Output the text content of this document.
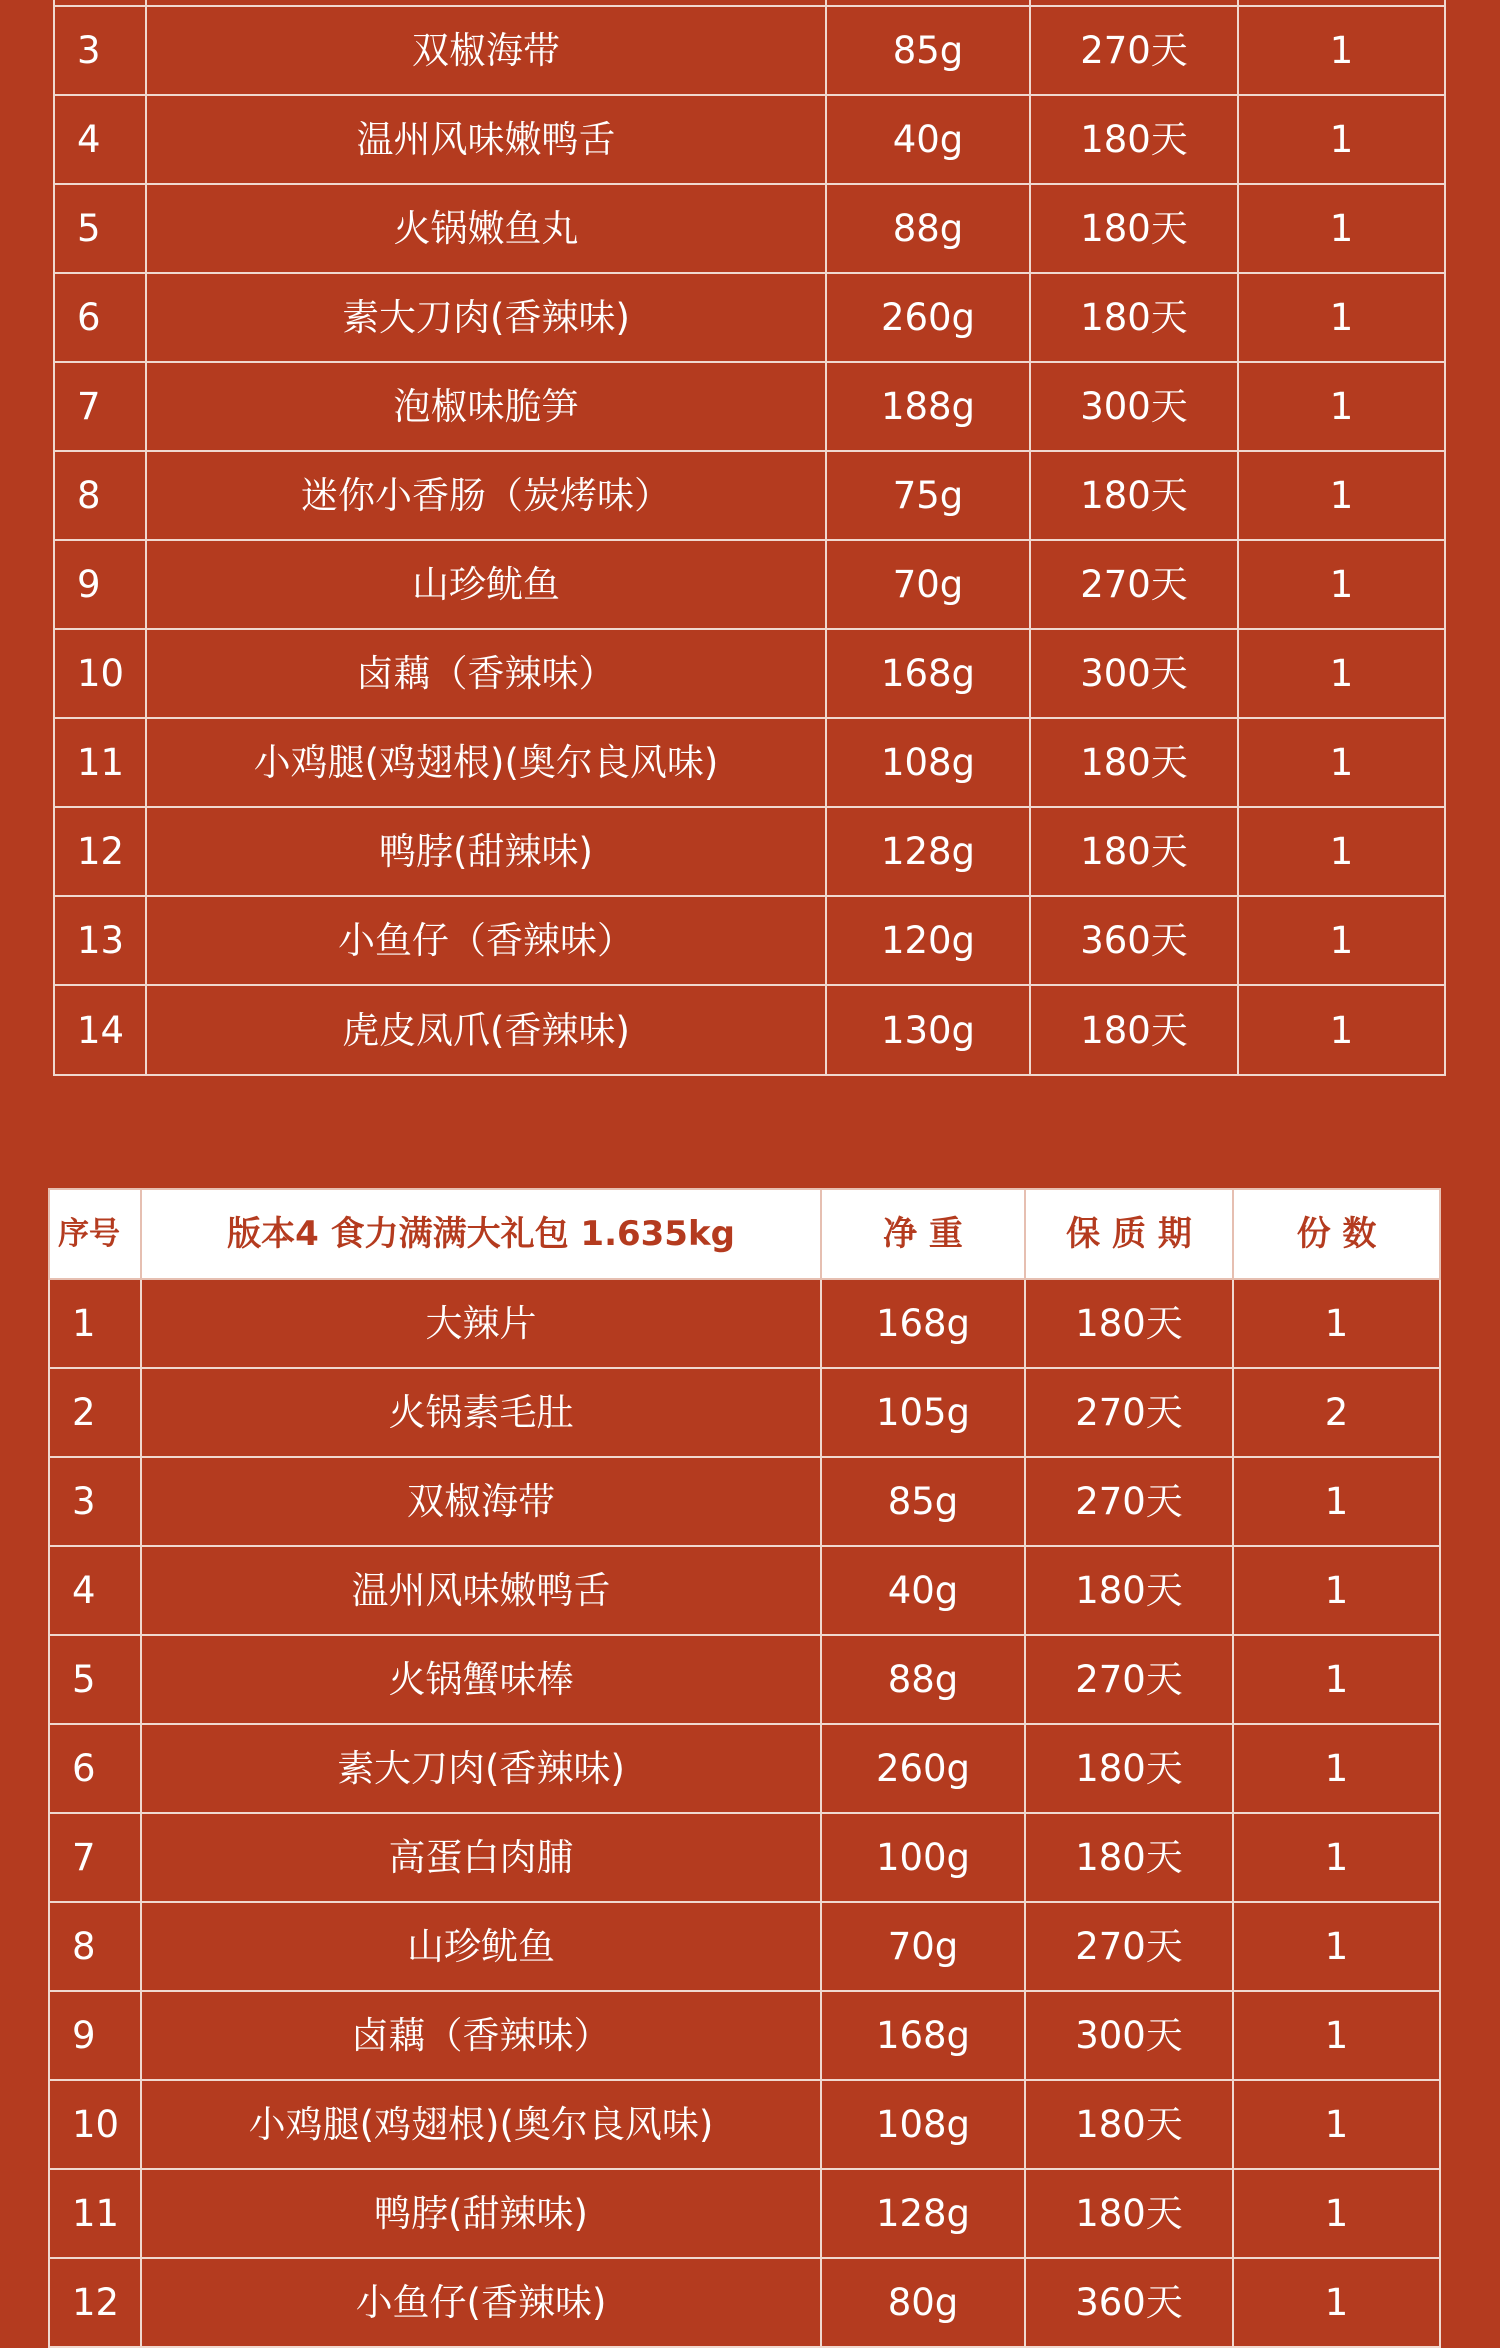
3	双椒海带	85g	270天	1
4	温州风味嫩鸭舌	40g	180天	1
5	火锅嫩鱼丸	88g	180天	1
6	素大刀肉(香辣味)	260g	180天	1
7	泡椒味脆笋	188g	300天	1
8	迷你小香肠（炭烤味）	75g	180天	1
9	山珍鱿鱼	70g	270天	1
10	卤藕（香辣味）	168g	300天	1
11	小鸡腿(鸡翅根)(奥尔良风味)	108g	180天	1
12	鸭脖(甜辣味)	128g	180天	1
13	小鱼仔（香辣味）	120g	360天	1
14	虎皮凤爪(香辣味)	130g	180天	1
序号	版本4 食力满满大礼包 1.635kg	净 重	保 质 期	份 数
1	大辣片	168g	180天	1
2	火锅素毛肚	105g	270天	2
3	双椒海带	85g	270天	1
4	温州风味嫩鸭舌	40g	180天	1
5	火锅蟹味棒	88g	270天	1
6	素大刀肉(香辣味)	260g	180天	1
7	高蛋白肉脯	100g	180天	1
8	山珍鱿鱼	70g	270天	1
9	卤藕（香辣味）	168g	300天	1
10	小鸡腿(鸡翅根)(奥尔良风味)	108g	180天	1
11	鸭脖(甜辣味)	128g	180天	1
12	小鱼仔(香辣味)	80g	360天	1
